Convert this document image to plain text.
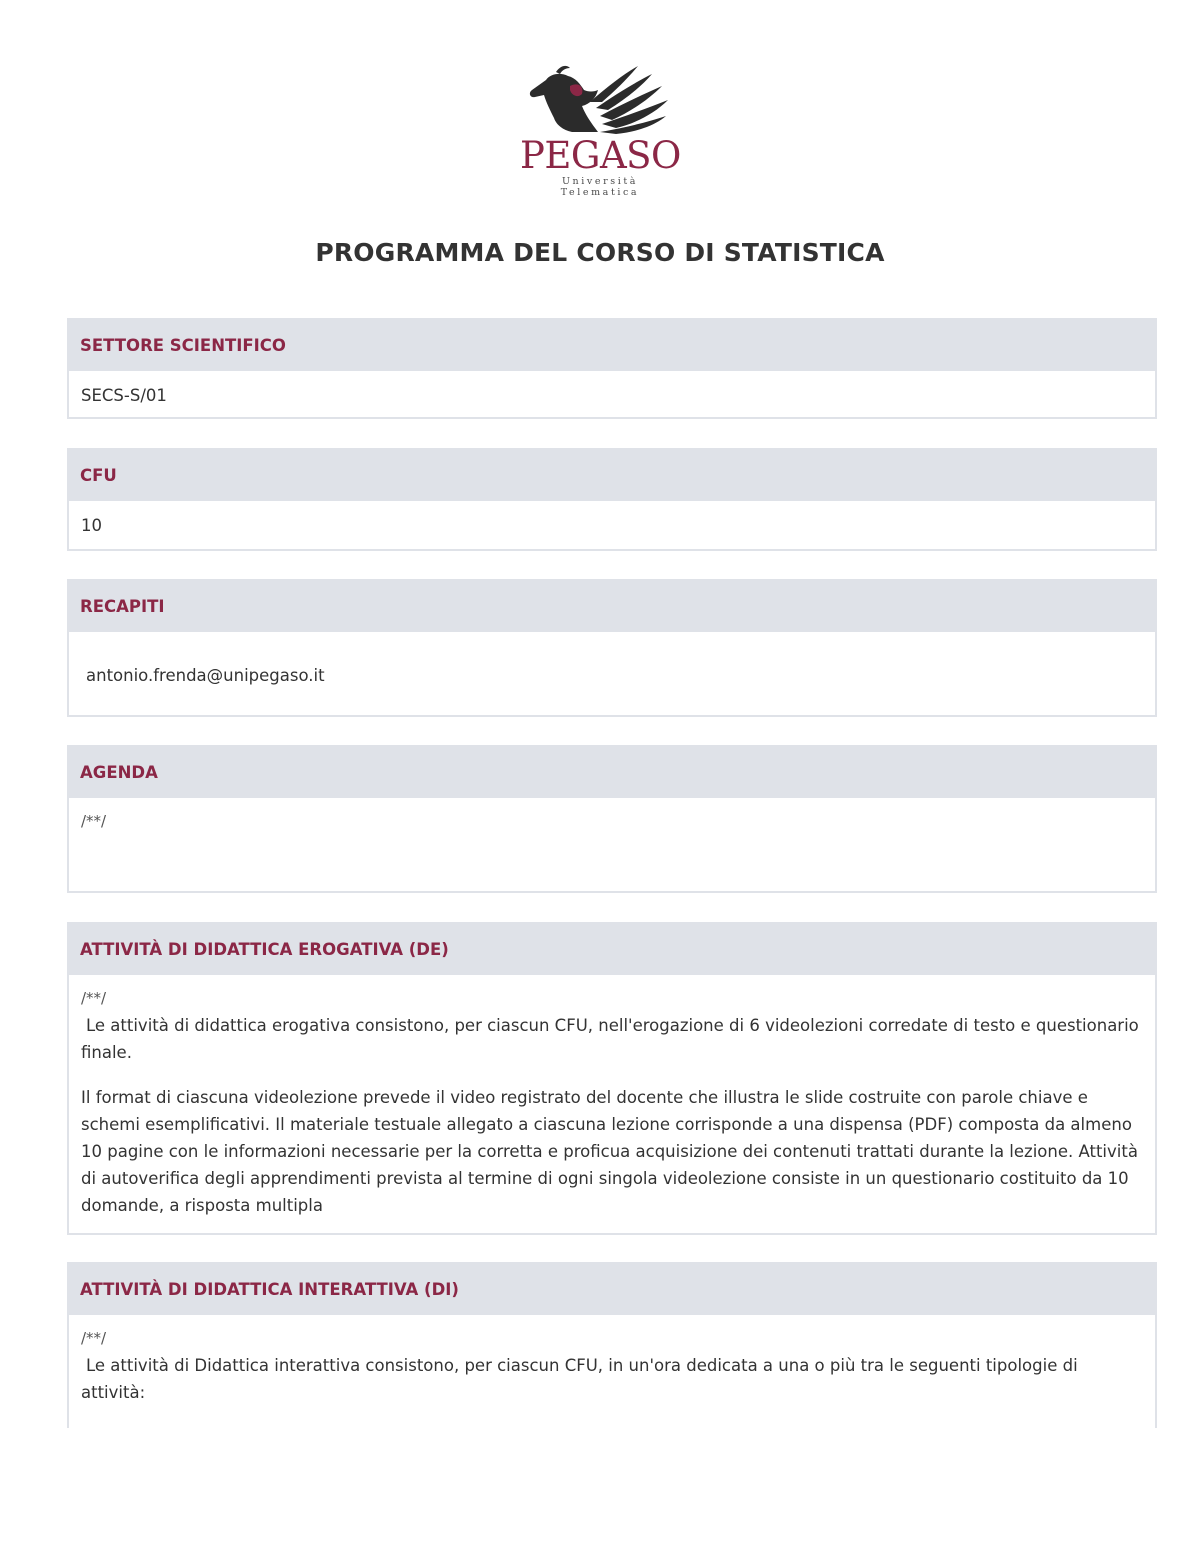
PEGASO
Università Telematica
PROGRAMMA DEL CORSO DI STATISTICA
SETTORE SCIENTIFICO

SECS-S/01

CFU

10

RECAPITI

antonio.frenda@unipegaso.it

AGENDA

/**/

ATTIVITÀ DI DIDATTICA EROGATIVA (DE)

/**/

Le attività di didattica erogativa consistono, per ciascun CFU, nell'erogazione di 6 videolezioni corredate di testo e questionario finale.

Il format di ciascuna videolezione prevede il video registrato del docente che illustra le slide costruite con parole chiave e schemi esemplificativi. Il materiale testuale allegato a ciascuna lezione corrisponde a una dispensa (PDF) composta da almeno 10 pagine con le informazioni necessarie per la corretta e proficua acquisizione dei contenuti trattati durante la lezione. Attività di autoverifica degli apprendimenti prevista al termine di ogni singola videolezione consiste in un questionario costituito da 10 domande, a risposta multipla

ATTIVITÀ DI DIDATTICA INTERATTIVA (DI)

/**/

Le attività di Didattica interattiva consistono, per ciascun CFU, in un'ora dedicata a una o più tra le seguenti tipologie di attività:
